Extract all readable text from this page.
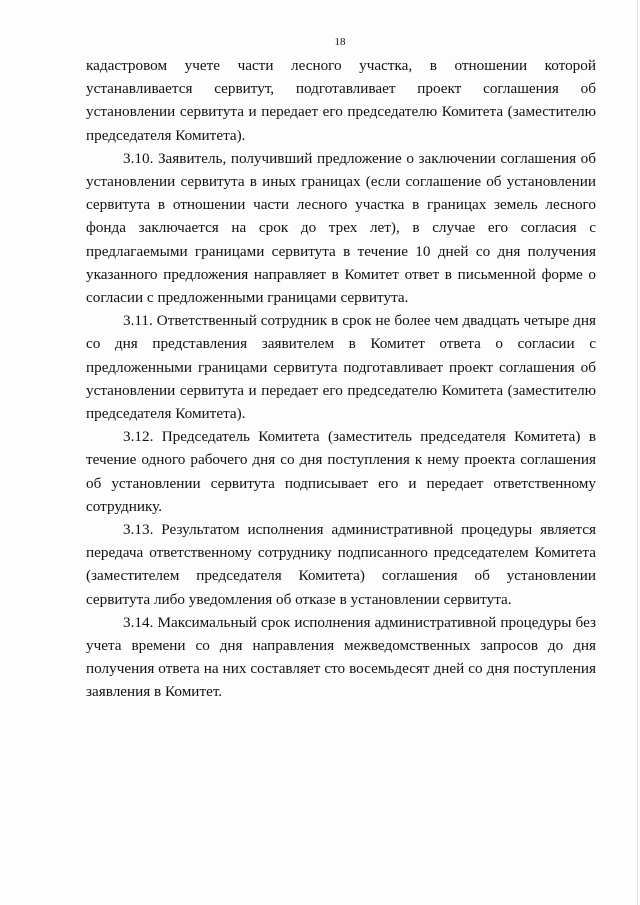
18

кадастровом учете части лесного участка, в отношении которой устанавливается сервитут, подготавливает проект соглашения об установлении сервитута и передает его председателю Комитета (заместителю председателя Комитета).

3.10. Заявитель, получивший предложение о заключении соглашения об установлении сервитута в иных границах (если соглашение об установлении сервитута в отношении части лесного участка в границах земель лесного фонда заключается на срок до трех лет), в случае его согласия с предлагаемыми границами сервитута в течение 10 дней со дня получения указанного предложения направляет в Комитет ответ в письменной форме о согласии с предложенными границами сервитута.

3.11. Ответственный сотрудник в срок не более чем двадцать четыре дня со дня представления заявителем в Комитет ответа о согласии с предложенными границами сервитута подготавливает проект соглашения об установлении сервитута и передает его председателю Комитета (заместителю председателя Комитета).

3.12. Председатель Комитета (заместитель председателя Комитета) в течение одного рабочего дня со дня поступления к нему проекта соглашения об установлении сервитута подписывает его и передает ответственному сотруднику.

3.13. Результатом исполнения административной процедуры является передача ответственному сотруднику подписанного председателем Комитета (заместителем председателя Комитета) соглашения об установлении сервитута либо уведомления об отказе в установлении сервитута.

3.14. Максимальный срок исполнения административной процедуры без учета времени со дня направления межведомственных запросов до дня получения ответа на них составляет сто восемьдесят дней со дня поступления заявления в Комитет.
